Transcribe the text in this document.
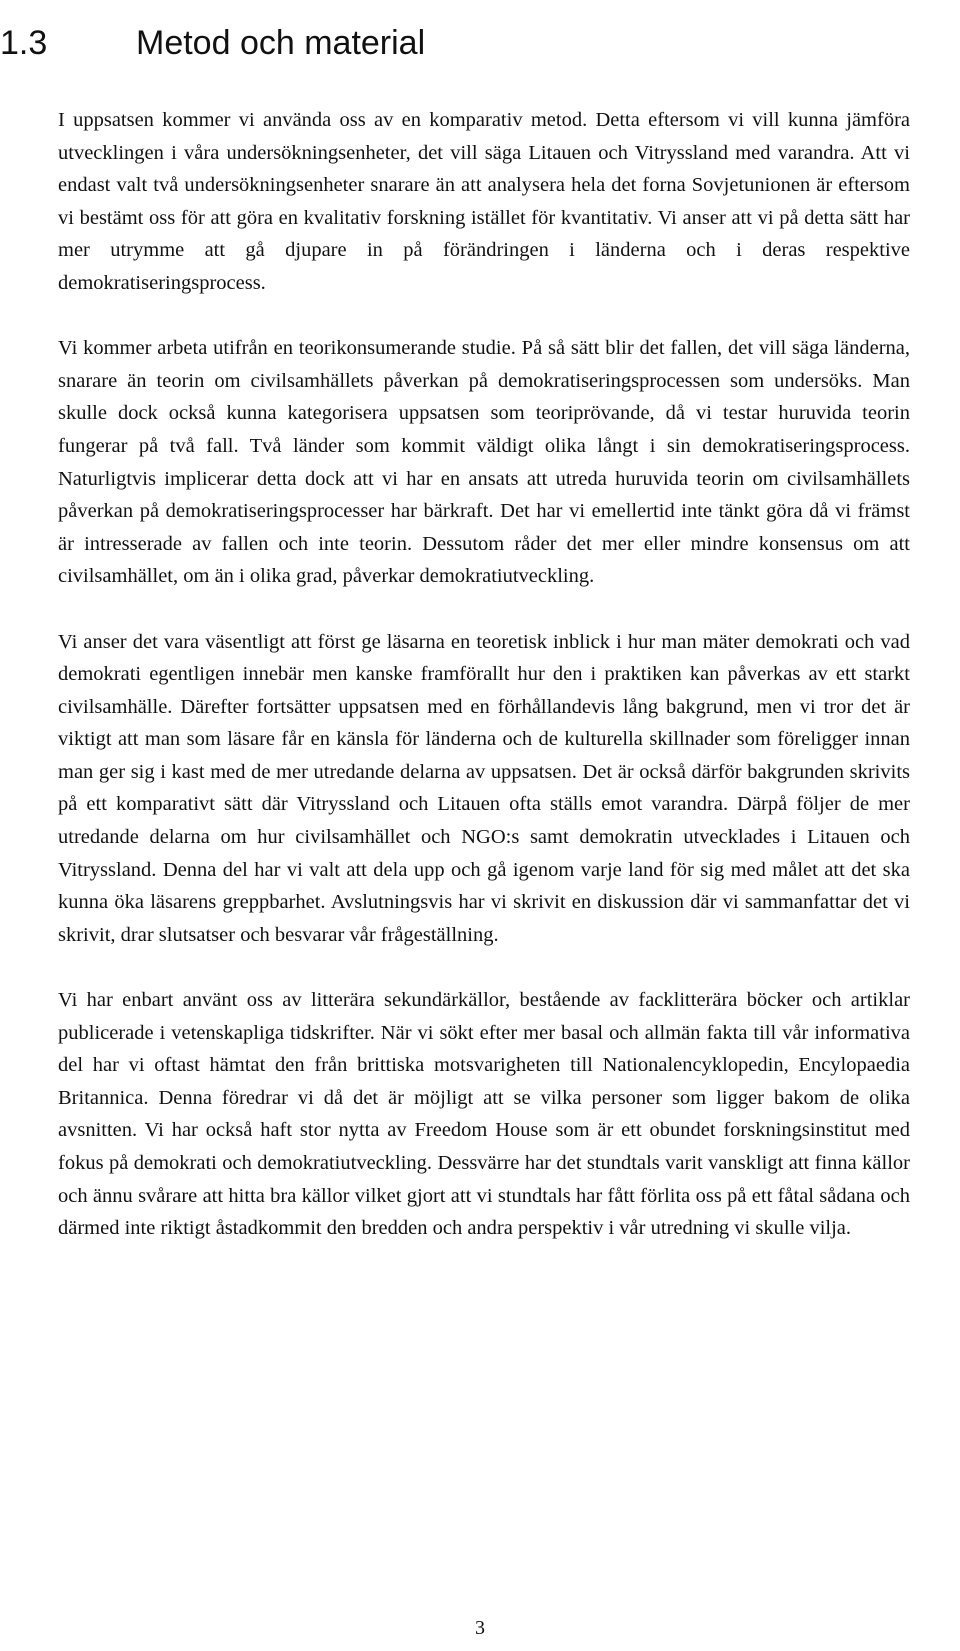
1.3	Metod och material

I uppsatsen kommer vi använda oss av en komparativ metod. Detta eftersom vi vill kunna jämföra utvecklingen i våra undersökningsenheter, det vill säga Litauen och Vitryssland med varandra. Att vi endast valt två undersökningsenheter snarare än att analysera hela det forna Sovjetunionen är eftersom vi bestämt oss för att göra en kvalitativ forskning istället för kvantitativ. Vi anser att vi på detta sätt har mer utrymme att gå djupare in på förändringen i länderna och i deras respektive demokratiseringsprocess.

Vi kommer arbeta utifrån en teorikonsumerande studie. På så sätt blir det fallen, det vill säga länderna, snarare än teorin om civilsamhällets påverkan på demokratiseringsprocessen som undersöks. Man skulle dock också kunna kategorisera uppsatsen som teoriprövande, då vi testar huruvida teorin fungerar på två fall. Två länder som kommit väldigt olika långt i sin demokratiseringsprocess. Naturligtvis implicerar detta dock att vi har en ansats att utreda huruvida teorin om civilsamhällets påverkan på demokratiseringsprocesser har bärkraft. Det har vi emellertid inte tänkt göra då vi främst är intresserade av fallen och inte teorin. Dessutom råder det mer eller mindre konsensus om att civilsamhället, om än i olika grad, påverkar demokratiutveckling.

Vi anser det vara väsentligt att först ge läsarna en teoretisk inblick i hur man mäter demokrati och vad demokrati egentligen innebär men kanske framförallt hur den i praktiken kan påverkas av ett starkt civilsamhälle. Därefter fortsätter uppsatsen med en förhållandevis lång bakgrund, men vi tror det är viktigt att man som läsare får en känsla för länderna och de kulturella skillnader som föreligger innan man ger sig i kast med de mer utredande delarna av uppsatsen. Det är också därför bakgrunden skrivits på ett komparativt sätt där Vitryssland och Litauen ofta ställs emot varandra. Därpå följer de mer utredande delarna om hur civilsamhället och NGO:s samt demokratin utvecklades i Litauen och Vitryssland. Denna del har vi valt att dela upp och gå igenom varje land för sig med målet att det ska kunna öka läsarens greppbarhet. Avslutningsvis har vi skrivit en diskussion där vi sammanfattar det vi skrivit, drar slutsatser och besvarar vår frågeställning.

Vi har enbart använt oss av litterära sekundärkällor, bestående av facklitterära böcker och artiklar publicerade i vetenskapliga tidskrifter. När vi sökt efter mer basal och allmän fakta till vår informativa del har vi oftast hämtat den från brittiska motsvarigheten till Nationalencyklopedin, Encylopaedia Britannica. Denna föredrar vi då det är möjligt att se vilka personer som ligger bakom de olika avsnitten. Vi har också haft stor nytta av Freedom House som är ett obundet forskningsinstitut med fokus på demokrati och demokratiutveckling. Dessvärre har det stundtals varit vanskligt att finna källor och ännu svårare att hitta bra källor vilket gjort att vi stundtals har fått förlita oss på ett fåtal sådana och därmed inte riktigt åstadkommit den bredden och andra perspektiv i vår utredning vi skulle vilja.

3
